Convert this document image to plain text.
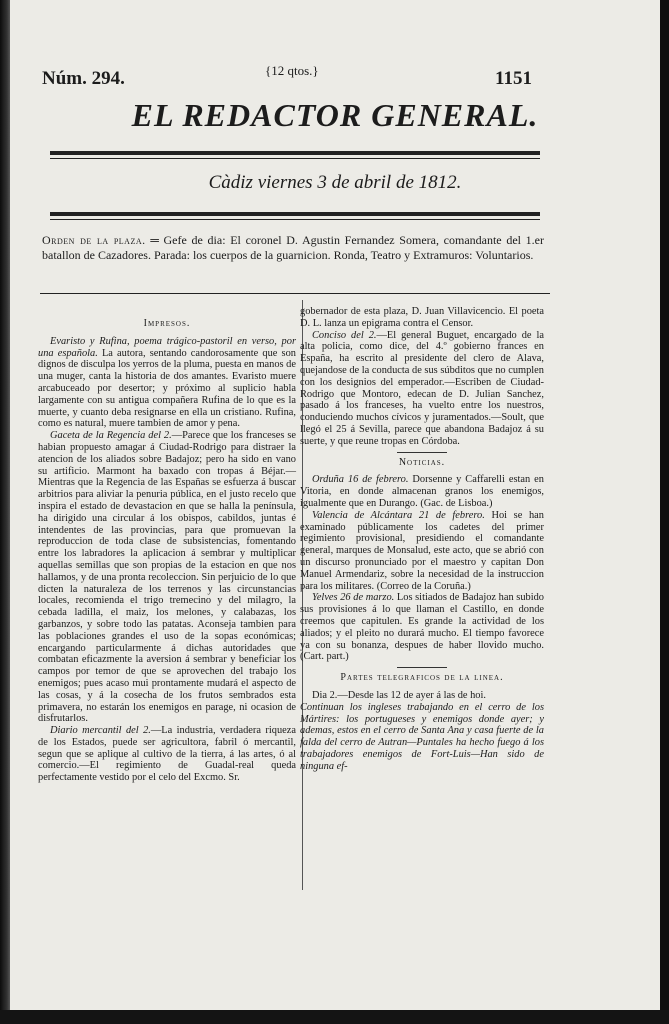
Núm. 294.	{12 qtos.}	1151
EL REDACTOR GENERAL.
Càdiz viernes 3 de abril de 1812.
Orden de la plaza. ═ Gefe de dia: El coronel D. Agustin Fernandez Somera, comandante del 1.er batallon de Cazadores. Parada: los cuerpos de la guarnicion. Ronda, Teatro y Extramuros: Voluntarios.
Impresos.

Evaristo y Rufina, poema trágico-pastoril en verso, por una española. La autora, sentando candorosamente que son dignos de disculpa los yerros de la pluma, puesta en manos de una muger, canta la historia de dos amantes. Evaristo muere arcabuceado por desertor; y próximo al suplicio habla largamente con su antigua compañera Rufina de lo que es la muerte, y cuanto deba resignarse en ella un cristiano. Rufina, como es natural, muere tambien de amor y pena.

Gaceta de la Regencia del 2.—Parece que los franceses se habian propuesto amagar á Ciudad-Rodrigo para distraer la atencion de los aliados sobre Badajoz; pero ha sido en vano su artificio. Marmont ha baxado con tropas á Béjar.—Mientras que la Regencia de las Españas se esfuerza á buscar arbitrios para aliviar la penuria pública, en el justo recelo que inspira el estado de devastacion en que se halla la península, ha dirigido una circular á los obispos, cabildos, juntas é intendentes de las provincias, para que promuevan la reproduccion de toda clase de subsistencias, fomentando entre los labradores la aplicacion á sembrar y multiplicar aquellas semillas que son propias de la estacion en que nos hallamos, y de una pronta recoleccion. Sin perjuicio de lo que dicten la naturaleza de los terrenos y las circunstancias locales, recomienda el trigo tremecino y del milagro, la cebada ladilla, el maiz, los melones, y calabazas, los garbanzos, y sobre todo las patatas. Aconseja tambien para las poblaciones grandes el uso de la sopas económicas; encargando particularmente á dichas autoridades que combatan eficazmente la aversion á sembrar y beneficiar los campos por temor de que se aprovechen del trabajo los enemigos; pues acaso mui prontamente mudará el aspecto de las cosas, y á la cosecha de los frutos sembrados esta primavera, no estarán los enemigos en parage, ni ocasion de disfrutarlos.

Diario mercantil del 2.—La industria, verdadera riqueza de los Estados, puede ser agricultora, fabril ó mercantil, segun que se aplique al cultivo de la tierra, á las artes, ó al comercio.—El regimiento de Guadal-real queda perfectamente vestido por el celo del Excmo. Sr.

gobernador de esta plaza, D. Juan Villavicencio. El poeta D. L. lanza un epigrama contra el Censor.

Conciso del 2.—El general Buguet, encargado de la alta policia, como dice, del 4.º gobierno frances en España, ha escrito al presidente del clero de Alava, quejandose de la conducta de sus súbditos que no cumplen con los designios del emperador.—Escriben de Ciudad-Rodrigo que Montoro, edecan de D. Julian Sanchez, pasado á los franceses, ha vuelto entre los nuestros, conduciendo muchos cívicos y juramentados.—Soult, que llegó el 25 á Sevilla, parece que abandona Badajoz á su suerte, y que reune tropas en Córdoba.

Noticias.

Orduña 16 de febrero. Dorsenne y Caffarelli estan en Vitoria, en donde almacenan granos los enemigos, igualmente que en Durango. (Gac. de Lisboa.)

Valencia de Alcántara 21 de febrero. Hoi se han examinado públicamente los cadetes del primer regimiento provisional, presidiendo el comandante general, marques de Monsalud, este acto, que se abrió con un discurso pronunciado por el maestro y capitan Don Manuel Armendariz, sobre la necesidad de la instruccion para los militares. (Correo de la Coruña.)

Yelves 26 de marzo. Los sitiados de Badajoz han subido sus provisiones á lo que llaman el Castillo, en donde creemos que capitulen. Es grande la actividad de los aliados; y el pleito no durará mucho. El tiempo favorece ya con su bonanza, despues de haber llovido mucho. (Cart. part.)

Partes telegraficos de la linea.

Dia 2.—Desde las 12 de ayer á las de hoi.

Continuan los ingleses trabajando en el cerro de los Mártires: los portugueses y enemigos donde ayer; y ademas, estos en el cerro de Santa Ana y casa fuerte de la falda del cerro de Autran—Puntales ha hecho fuego á los trabajadores enemigos de Fort-Luis—Han sido de ninguna ef-
